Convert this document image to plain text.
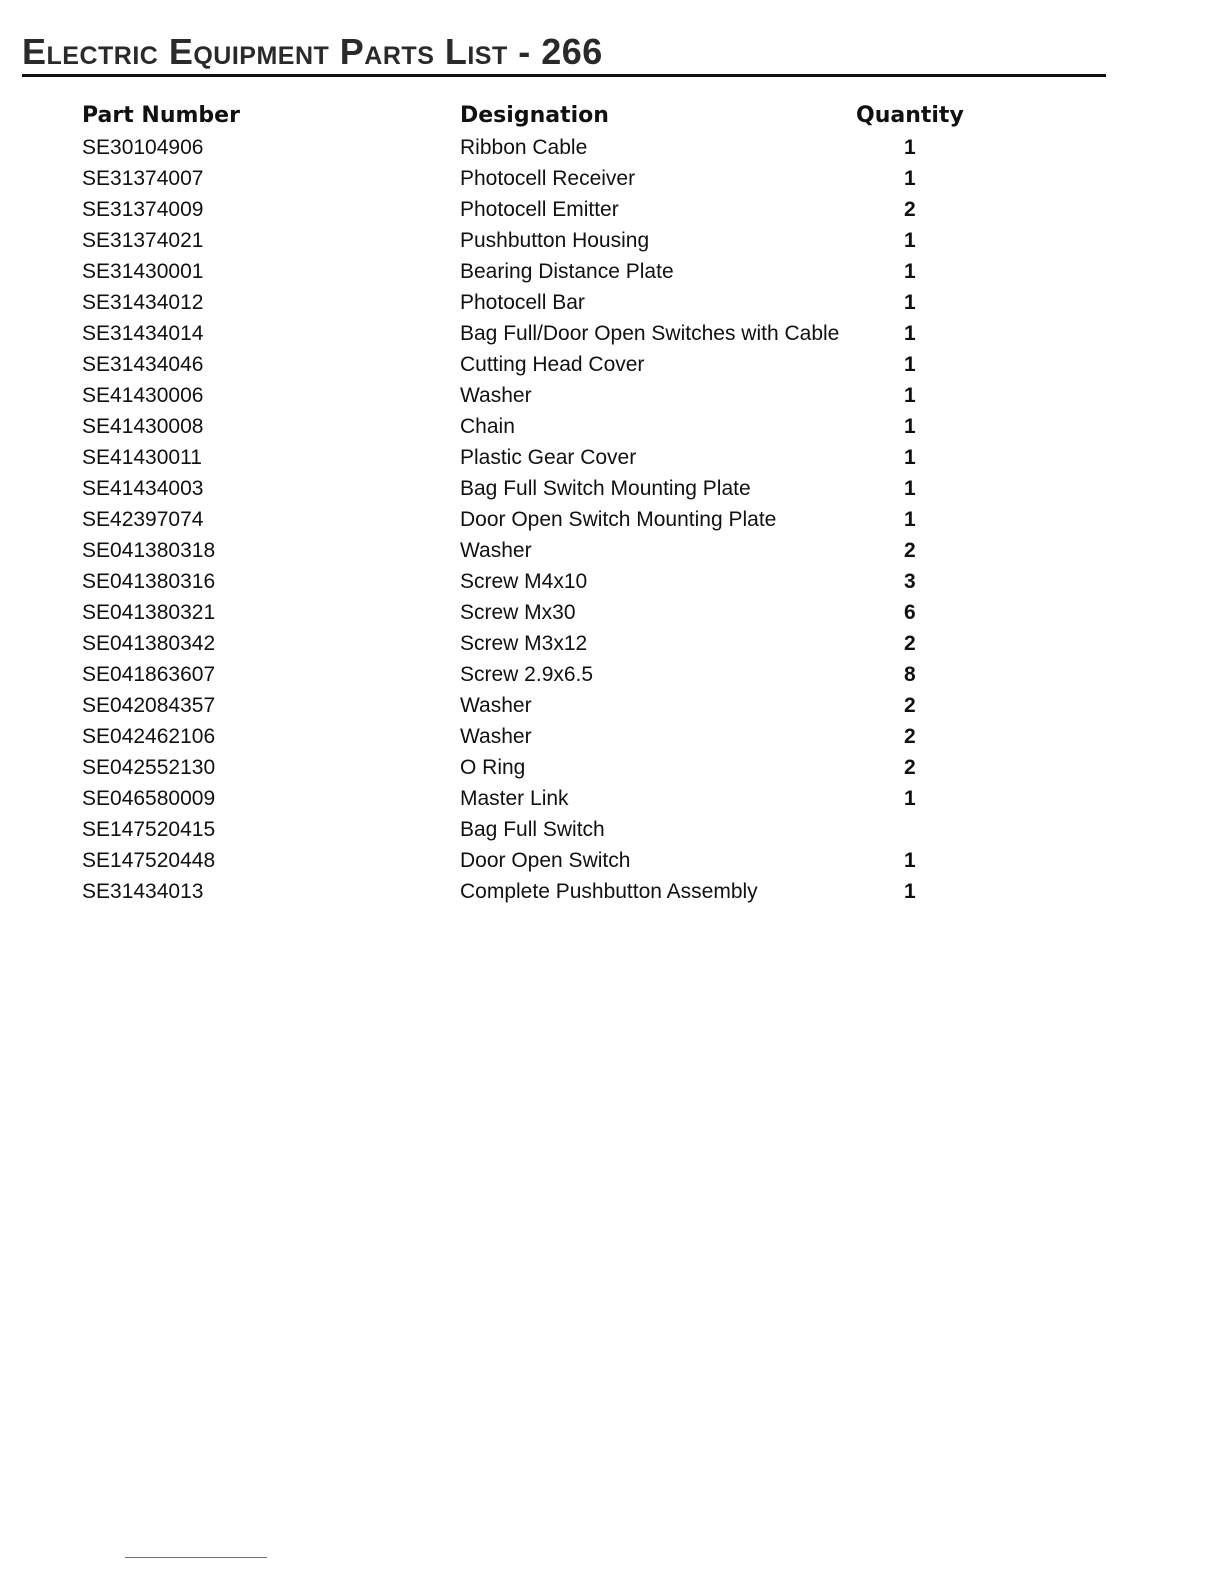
Electric Equipment Parts List - 266
Part Number	Designation	Quantity
SE30104906	Ribbon Cable	1
SE31374007	Photocell Receiver	1
SE31374009	Photocell Emitter	2
SE31374021	Pushbutton Housing	1
SE31430001	Bearing Distance Plate	1
SE31434012	Photocell Bar	1
SE31434014	Bag Full/Door Open Switches with Cable	1
SE31434046	Cutting Head Cover	1
SE41430006	Washer	1
SE41430008	Chain	1
SE41430011	Plastic Gear Cover	1
SE41434003	Bag Full Switch Mounting Plate	1
SE42397074	Door Open Switch Mounting Plate	1
SE041380318	Washer	2
SE041380316	Screw M4x10	3
SE041380321	Screw Mx30	6
SE041380342	Screw M3x12	2
SE041863607	Screw 2.9x6.5	8
SE042084357	Washer	2
SE042462106	Washer	2
SE042552130	O Ring	2
SE046580009	Master Link	1
SE147520415	Bag Full Switch	
SE147520448	Door Open Switch	1
SE31434013	Complete Pushbutton Assembly	1
